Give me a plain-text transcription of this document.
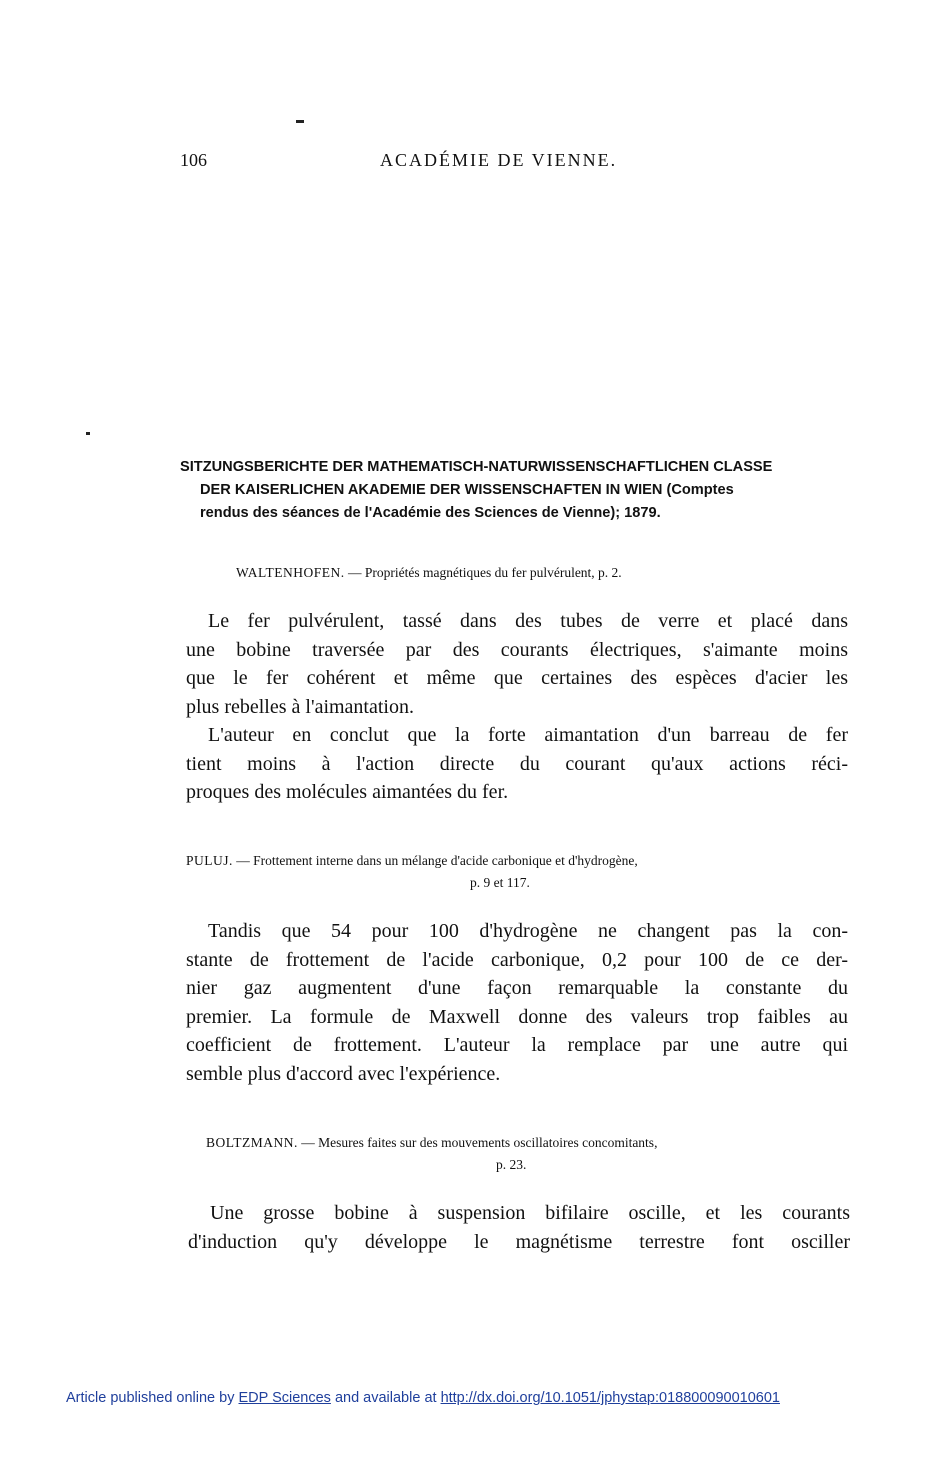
106	ACADÉMIE DE VIENNE.
SITZUNGSBERICHTE DER MATHEMATISCH-NATURWISSENSCHAFTLICHEN CLASSE
DER KAISERLICHEN AKADEMIE DER WISSENSCHAFTEN IN WIEN (Comptes
rendus des séances de l'Académie des Sciences de Vienne); 1879.
WALTENHOFEN. — Propriétés magnétiques du fer pulvérulent, p. 2.
Le fer pulvérulent, tassé dans des tubes de verre et placé dans
une bobine traversée par des courants électriques, s'aimante moins
que le fer cohérent et même que certaines des espèces d'acier les
plus rebelles à l'aimantation.
L'auteur en conclut que la forte aimantation d'un barreau de fer
tient moins à l'action directe du courant qu'aux actions réci-
proques des molécules aimantées du fer.
PULUJ. — Frottement interne dans un mélange d'acide carbonique et d'hydrogène,
p. 9 et 117.
Tandis que 54 pour 100 d'hydrogène ne changent pas la con-
stante de frottement de l'acide carbonique, 0,2 pour 100 de ce der-
nier gaz augmentent d'une façon remarquable la constante du
premier. La formule de Maxwell donne des valeurs trop faibles au
coefficient de frottement. L'auteur la remplace par une autre qui
semble plus d'accord avec l'expérience.
BOLTZMANN. — Mesures faites sur des mouvements oscillatoires concomitants,
p. 23.
Une grosse bobine à suspension bifilaire oscille, et les courants
d'induction qu'y développe le magnétisme terrestre font osciller
Article published online by EDP Sciences and available at http://dx.doi.org/10.1051/jphystap:018800090010601
